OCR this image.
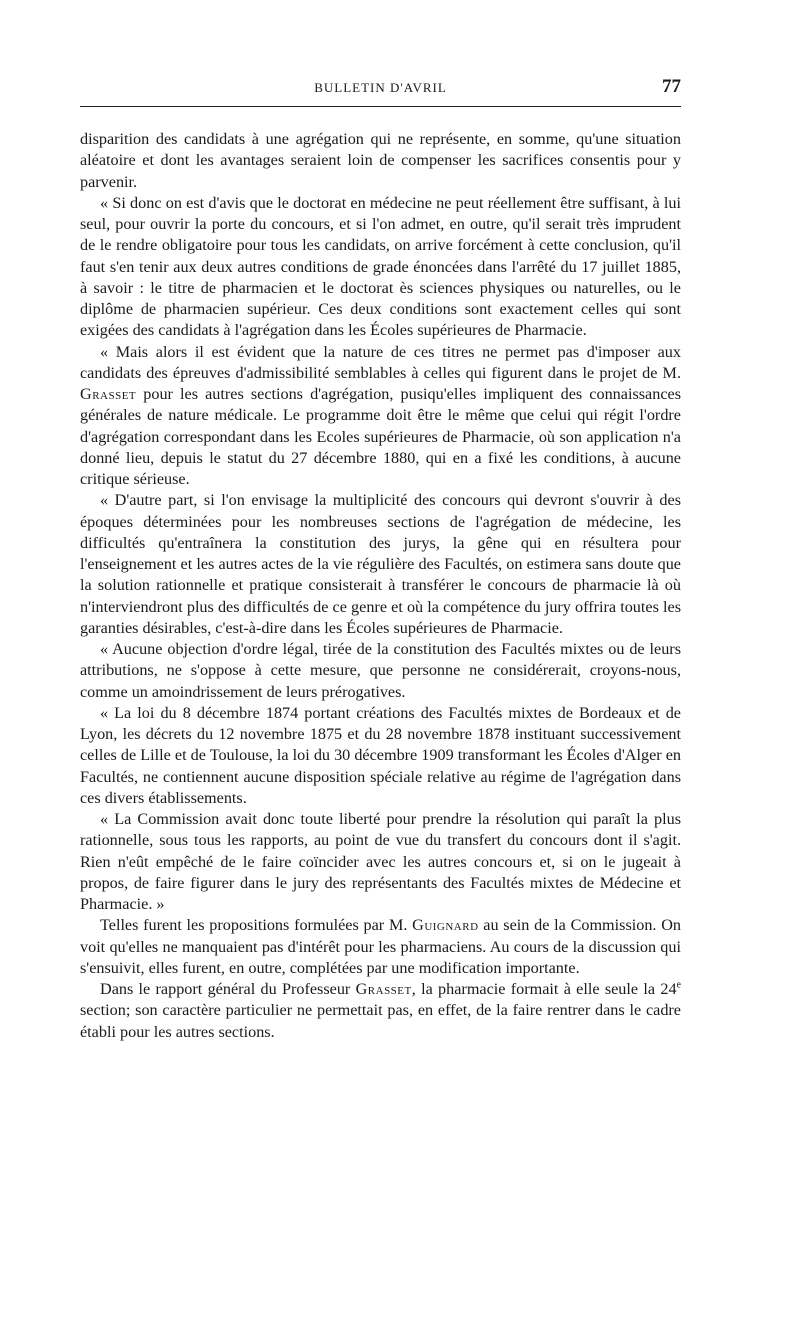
BULLETIN D'AVRIL	77

disparition des candidats à une agrégation qui ne représente, en somme, qu'une situation aléatoire et dont les avantages seraient loin de compenser les sacrifices consentis pour y parvenir.

« Si donc on est d'avis que le doctorat en médecine ne peut réellement être suffisant, à lui seul, pour ouvrir la porte du concours, et si l'on admet, en outre, qu'il serait très imprudent de le rendre obligatoire pour tous les candidats, on arrive forcément à cette conclusion, qu'il faut s'en tenir aux deux autres conditions de grade énoncées dans l'arrêté du 17 juillet 1885, à savoir : le titre de pharmacien et le doctorat ès sciences physiques ou naturelles, ou le diplôme de pharmacien supérieur. Ces deux conditions sont exactement celles qui sont exigées des candidats à l'agrégation dans les Écoles supérieures de Pharmacie.

« Mais alors il est évident que la nature de ces titres ne permet pas d'imposer aux candidats des épreuves d'admissibilité semblables à celles qui figurent dans le projet de M. Grasset pour les autres sections d'agrégation, pusiqu'elles impliquent des connaissances générales de nature médicale. Le programme doit être le même que celui qui régit l'ordre d'agrégation correspondant dans les Ecoles supérieures de Pharmacie, où son application n'a donné lieu, depuis le statut du 27 décembre 1880, qui en a fixé les conditions, à aucune critique sérieuse.

« D'autre part, si l'on envisage la multiplicité des concours qui devront s'ouvrir à des époques déterminées pour les nombreuses sections de l'agrégation de médecine, les difficultés qu'entraînera la constitution des jurys, la gêne qui en résultera pour l'enseignement et les autres actes de la vie régulière des Facultés, on estimera sans doute que la solution rationnelle et pratique consisterait à transférer le concours de pharmacie là où n'interviendront plus des difficultés de ce genre et où la compétence du jury offrira toutes les garanties désirables, c'est-à-dire dans les Écoles supérieures de Pharmacie.

« Aucune objection d'ordre légal, tirée de la constitution des Facultés mixtes ou de leurs attributions, ne s'oppose à cette mesure, que personne ne considérerait, croyons-nous, comme un amoindrissement de leurs prérogatives.

« La loi du 8 décembre 1874 portant créations des Facultés mixtes de Bordeaux et de Lyon, les décrets du 12 novembre 1875 et du 28 novembre 1878 instituant successivement celles de Lille et de Toulouse, la loi du 30 décembre 1909 transformant les Écoles d'Alger en Facultés, ne contiennent aucune disposition spéciale relative au régime de l'agrégation dans ces divers établissements.

« La Commission avait donc toute liberté pour prendre la résolution qui paraît la plus rationnelle, sous tous les rapports, au point de vue du transfert du concours dont il s'agit. Rien n'eût empêché de le faire coïncider avec les autres concours et, si on le jugeait à propos, de faire figurer dans le jury des représentants des Facultés mixtes de Médecine et Pharmacie. »

Telles furent les propositions formulées par M. Guignard au sein de la Commission. On voit qu'elles ne manquaient pas d'intérêt pour les pharmaciens. Au cours de la discussion qui s'ensuivit, elles furent, en outre, complétées par une modification importante.

Dans le rapport général du Professeur Grasset, la pharmacie formait à elle seule la 24e section; son caractère particulier ne permettait pas, en effet, de la faire rentrer dans le cadre établi pour les autres sections.
